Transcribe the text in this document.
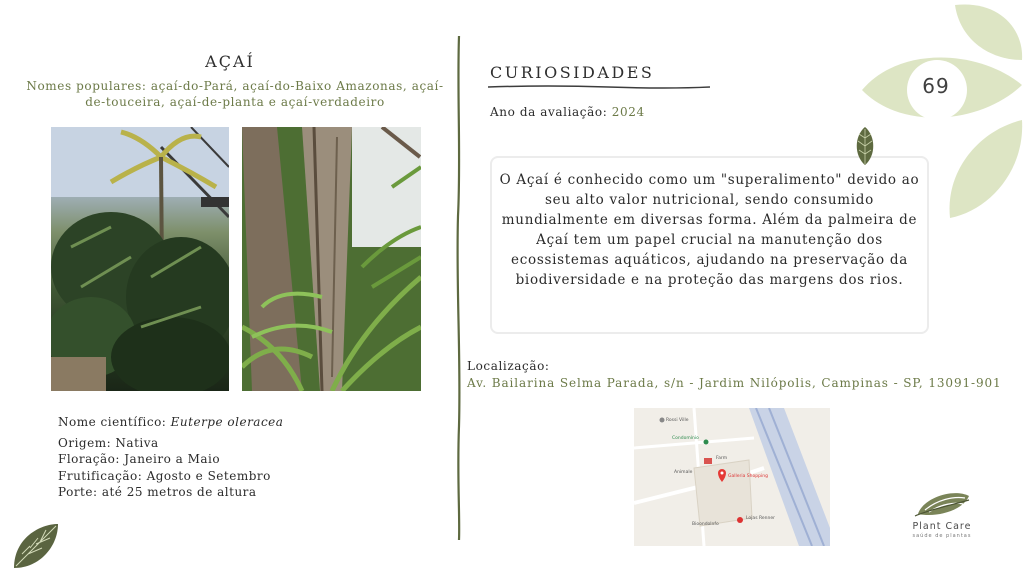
AÇAÍ
Nomes populares: açaí-do-Pará, açaí-do-Baixo Amazonas, açaí-de-touceira, açaí-de-planta e açaí-verdadeiro
Nome científico: Euterpe oleracea
Origem: Nativa
Floração: Janeiro a Maio
Frutificação: Agosto e Setembro
Porte: até 25 metros de altura
CURIOSIDADES
Ano da avaliação: 2024
O Açaí é conhecido como um "superalimento" devido ao seu alto valor nutricional, sendo consumido mundialmente em diversas forma. Além da palmeira de Açaí tem um papel crucial na manutenção dos ecossistemas aquáticos, ajudando na preservação da biodiversidade e na proteção das margens dos rios.
Localização:
Av. Bailarina Selma Parada, s/n - Jardim Nilópolis, Campinas - SP, 13091-901
Rossi Ville
Condomínio
Farm
Animale
Galleria Shopping
Lojas Renner
Bioondolnfo
69
Plant Care
saúde de plantas
